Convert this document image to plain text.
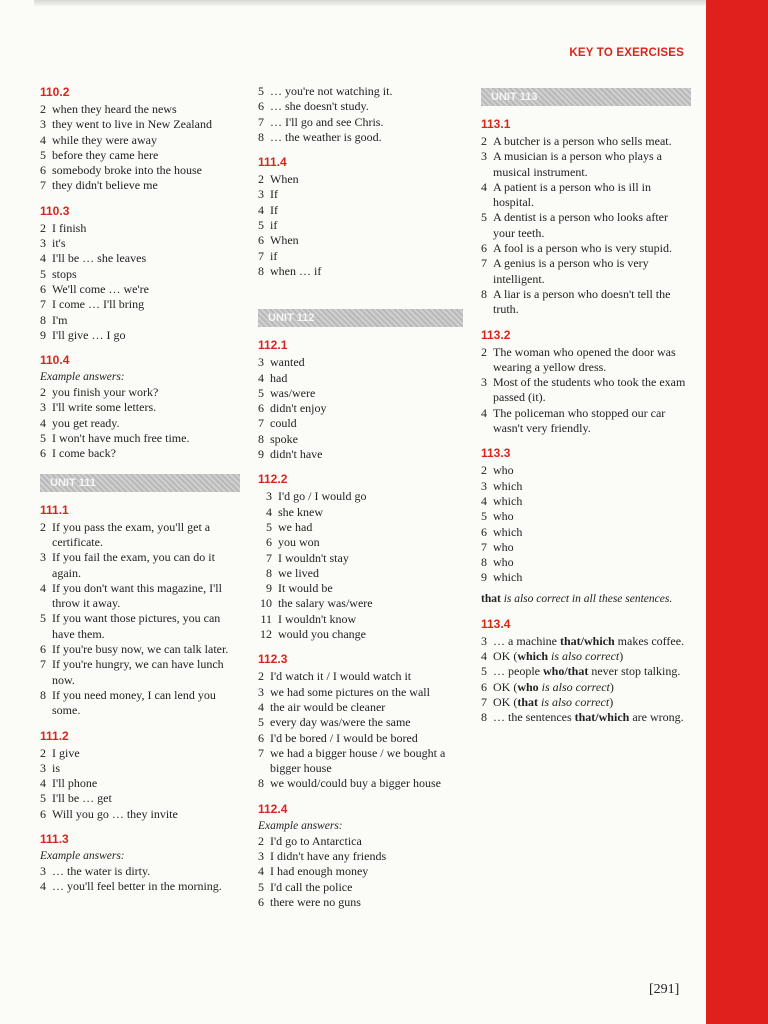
KEY TO EXERCISES
110.2
2 when they heard the news
3 they went to live in New Zealand
4 while they were away
5 before they came here
6 somebody broke into the house
7 they didn't believe me
110.3
2 I finish
3 it's
4 I'll be … she leaves
5 stops
6 We'll come … we're
7 I come … I'll bring
8 I'm
9 I'll give … I go
110.4
Example answers:
2 you finish your work?
3 I'll write some letters.
4 you get ready.
5 I won't have much free time.
6 I come back?
UNIT 111
111.1
2 If you pass the exam, you'll get a certificate.
3 If you fail the exam, you can do it again.
4 If you don't want this magazine, I'll throw it away.
5 If you want those pictures, you can have them.
6 If you're busy now, we can talk later.
7 If you're hungry, we can have lunch now.
8 If you need money, I can lend you some.
111.2
2 I give
3 is
4 I'll phone
5 I'll be … get
6 Will you go … they invite
111.3
Example answers:
3 … the water is dirty.
4 … you'll feel better in the morning.
5 … you're not watching it.
6 … she doesn't study.
7 … I'll go and see Chris.
8 … the weather is good.
111.4
2 When
3 If
4 If
5 if
6 When
7 if
8 when … if
UNIT 112
112.1
3 wanted
4 had
5 was/were
6 didn't enjoy
7 could
8 spoke
9 didn't have
112.2
3 I'd go / I would go
4 she knew
5 we had
6 you won
7 I wouldn't stay
8 we lived
9 It would be
10 the salary was/were
11 I wouldn't know
12 would you change
112.3
2 I'd watch it / I would watch it
3 we had some pictures on the wall
4 the air would be cleaner
5 every day was/were the same
6 I'd be bored / I would be bored
7 we had a bigger house / we bought a bigger house
8 we would/could buy a bigger house
112.4
Example answers:
2 I'd go to Antarctica
3 I didn't have any friends
4 I had enough money
5 I'd call the police
6 there were no guns
UNIT 113
113.1
2 A butcher is a person who sells meat.
3 A musician is a person who plays a musical instrument.
4 A patient is a person who is ill in hospital.
5 A dentist is a person who looks after your teeth.
6 A fool is a person who is very stupid.
7 A genius is a person who is very intelligent.
8 A liar is a person who doesn't tell the truth.
113.2
2 The woman who opened the door was wearing a yellow dress.
3 Most of the students who took the exam passed (it).
4 The policeman who stopped our car wasn't very friendly.
113.3
2 who
3 which
4 which
5 who
6 which
7 who
8 who
9 which
that is also correct in all these sentences.
113.4
3 … a machine that/which makes coffee.
4 OK (which is also correct)
5 … people who/that never stop talking.
6 OK (who is also correct)
7 OK (that is also correct)
8 … the sentences that/which are wrong.
[291]
